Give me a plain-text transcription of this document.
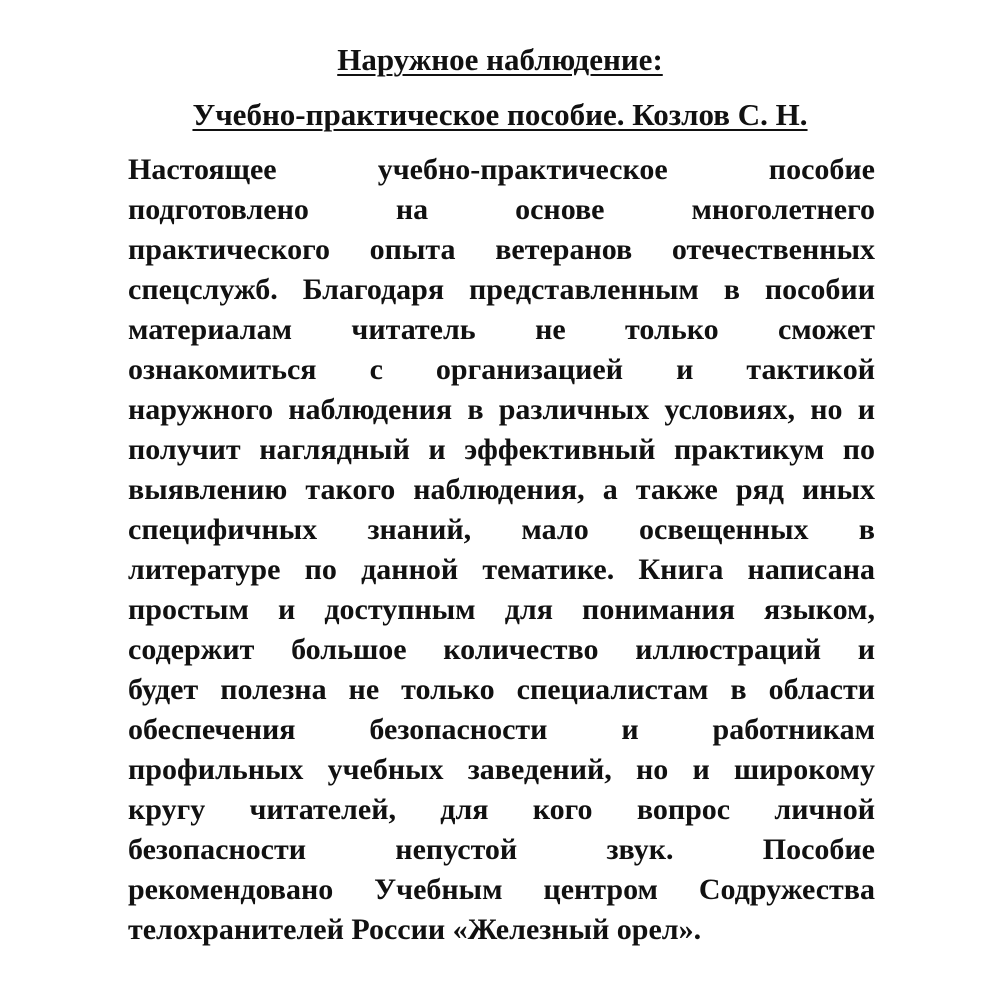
Наружное наблюдение:
Учебно-практическое пособие. Козлов С. Н.
Настоящее учебно-практическое пособие
подготовлено на основе многолетнего
практического опыта ветеранов отечественных
спецслужб. Благодаря представленным в пособии
материалам читатель не только сможет
ознакомиться с организацией и тактикой
наружного наблюдения в различных условиях, но и
получит наглядный и эффективный практикум по
выявлению такого наблюдения, а также ряд иных
специфичных знаний, мало освещенных в
литературе по данной тематике. Книга написана
простым и доступным для понимания языком,
содержит большое количество иллюстраций и
будет полезна не только специалистам в области
обеспечения безопасности и работникам
профильных учебных заведений, но и широкому
кругу читателей, для кого вопрос личной
безопасности непустой звук. Пособие
рекомендовано Учебным центром Содружества
телохранителей России «Железный орел».
